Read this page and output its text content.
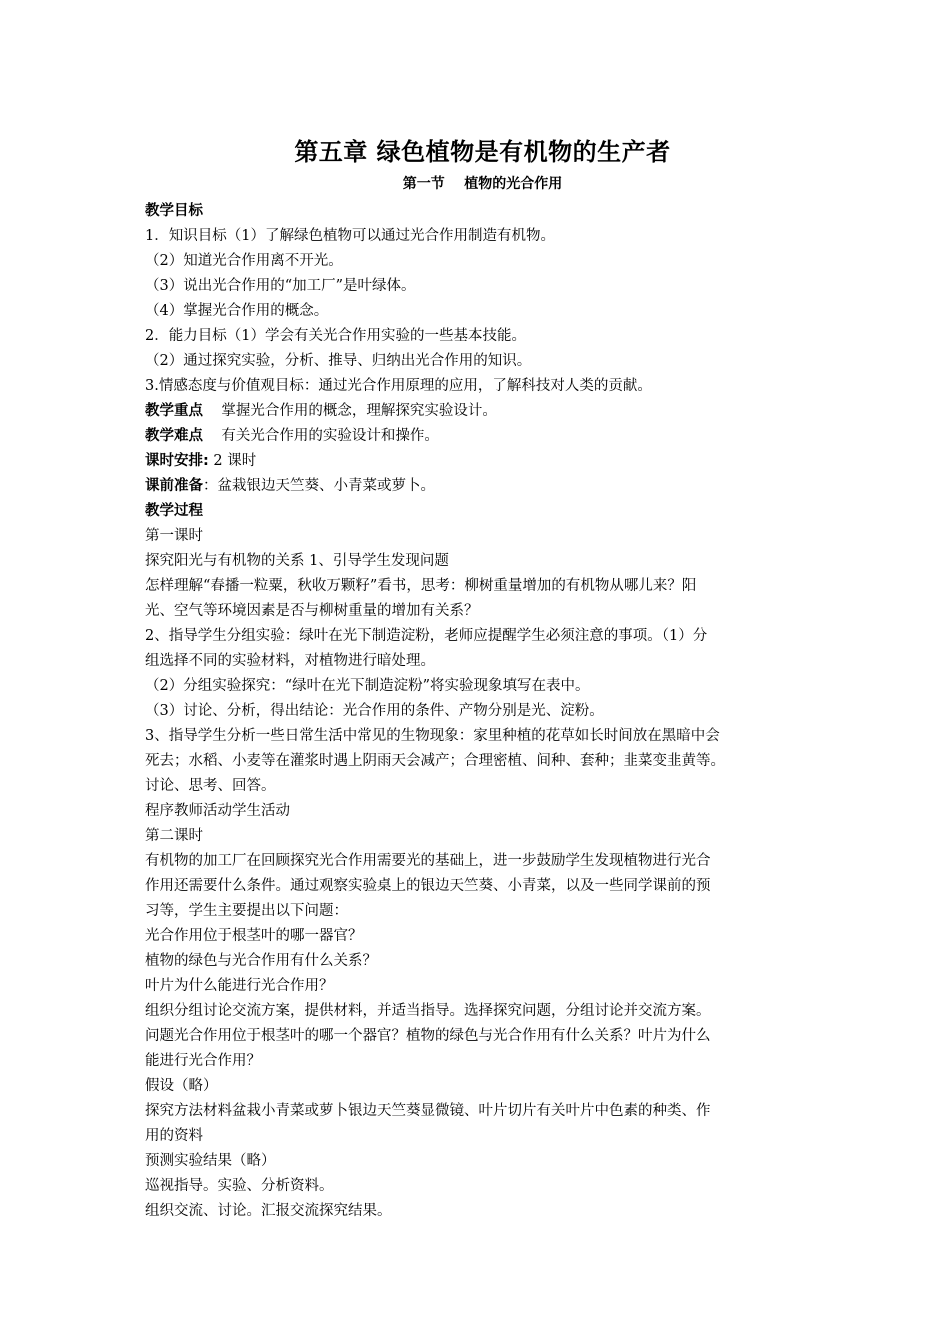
第五章 绿色植物是有机物的生产者
第一节    植物的光合作用

教学目标

1．知识目标（1）了解绿色植物可以通过光合作用制造有机物。

（2）知道光合作用离不开光。

（3）说出光合作用的“加工厂”是叶绿体。

（4）掌握光合作用的概念。

2．能力目标（1）学会有关光合作用实验的一些基本技能。

（2）通过探究实验，分析、推导、归纳出光合作用的知识。

3.情感态度与价值观目标：通过光合作用原理的应用，了解科技对人类的贡献。

教学重点    掌握光合作用的概念，理解探究实验设计。

教学难点    有关光合作用的实验设计和操作。

课时安排: 2 课时

课前准备：盆栽银边天竺葵、小青菜或萝卜。

教学过程

第一课时

探究阳光与有机物的关系 1、引导学生发现问题

怎样理解“春播一粒粟，秋收万颗籽”看书，思考：柳树重量增加的有机物从哪儿来？阳

光、空气等环境因素是否与柳树重量的增加有关系？

2、指导学生分组实验：绿叶在光下制造淀粉，老师应提醒学生必须注意的事项。（1）分

组选择不同的实验材料，对植物进行暗处理。

（2）分组实验探究：“绿叶在光下制造淀粉”将实验现象填写在表中。

（3）讨论、分析，得出结论：光合作用的条件、产物分别是光、淀粉。

3、指导学生分析一些日常生活中常见的生物现象：家里种植的花草如长时间放在黑暗中会

死去；水稻、小麦等在灌浆时遇上阴雨天会减产；合理密植、间种、套种；韭菜变韭黄等。

讨论、思考、回答。

程序教师活动学生活动

第二课时

有机物的加工厂在回顾探究光合作用需要光的基础上，进一步鼓励学生发现植物进行光合

作用还需要什么条件。通过观察实验桌上的银边天竺葵、小青菜，以及一些同学课前的预

习等，学生主要提出以下问题：

光合作用位于根茎叶的哪一器官？

植物的绿色与光合作用有什么关系？

叶片为什么能进行光合作用？

组织分组讨论交流方案，提供材料，并适当指导。选择探究问题，分组讨论并交流方案。

问题光合作用位于根茎叶的哪一个器官？植物的绿色与光合作用有什么关系？叶片为什么

能进行光合作用？

假设（略）

探究方法材料盆栽小青菜或萝卜银边天竺葵显微镜、叶片切片有关叶片中色素的种类、作

用的资料

预测实验结果（略）

巡视指导。实验、分析资料。

组织交流、讨论。汇报交流探究结果。
